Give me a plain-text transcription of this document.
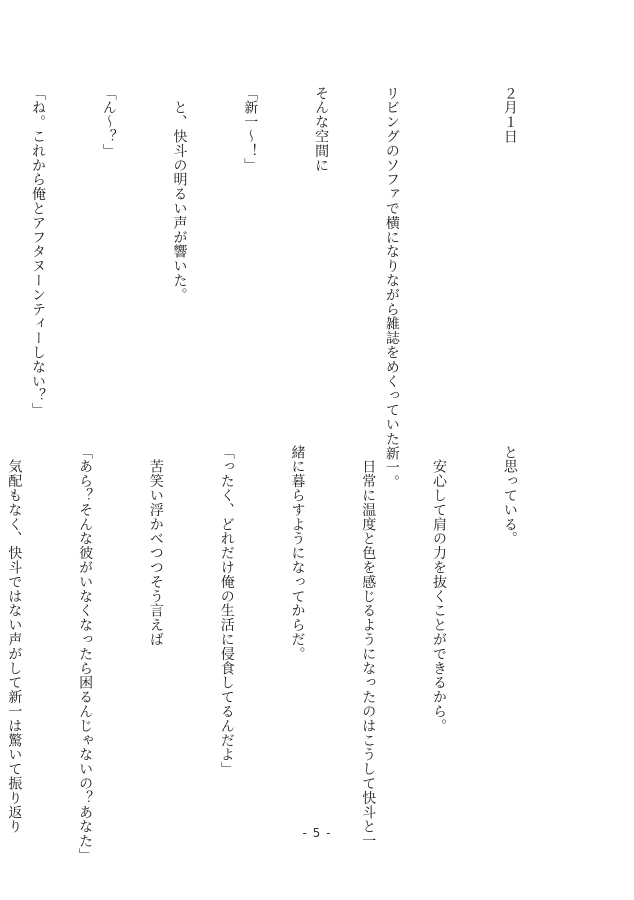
２月１日

リビングのソファで横になりながら雑誌をめくっていた新一。

そんな空間に

「新一～！」

　と、快斗の明るい声が響いた。

「ん～？」

「ね。これから俺とアフタヌーンティーしない？」

と思っている。

　安心して肩の力を抜くことができるから。

　日常に温度と色を感じるようになったのはこうして快斗と一

緒に暮らすようになってからだ。

「ったく、どれだけ俺の生活に侵食してるんだよ」

　苦笑い浮かべつつそう言えば

「あら？そんな彼がいなくなったら困るんじゃないの？あなた」

　気配もなく、快斗ではない声がして新一は驚いて振り返り

	- 5 -
